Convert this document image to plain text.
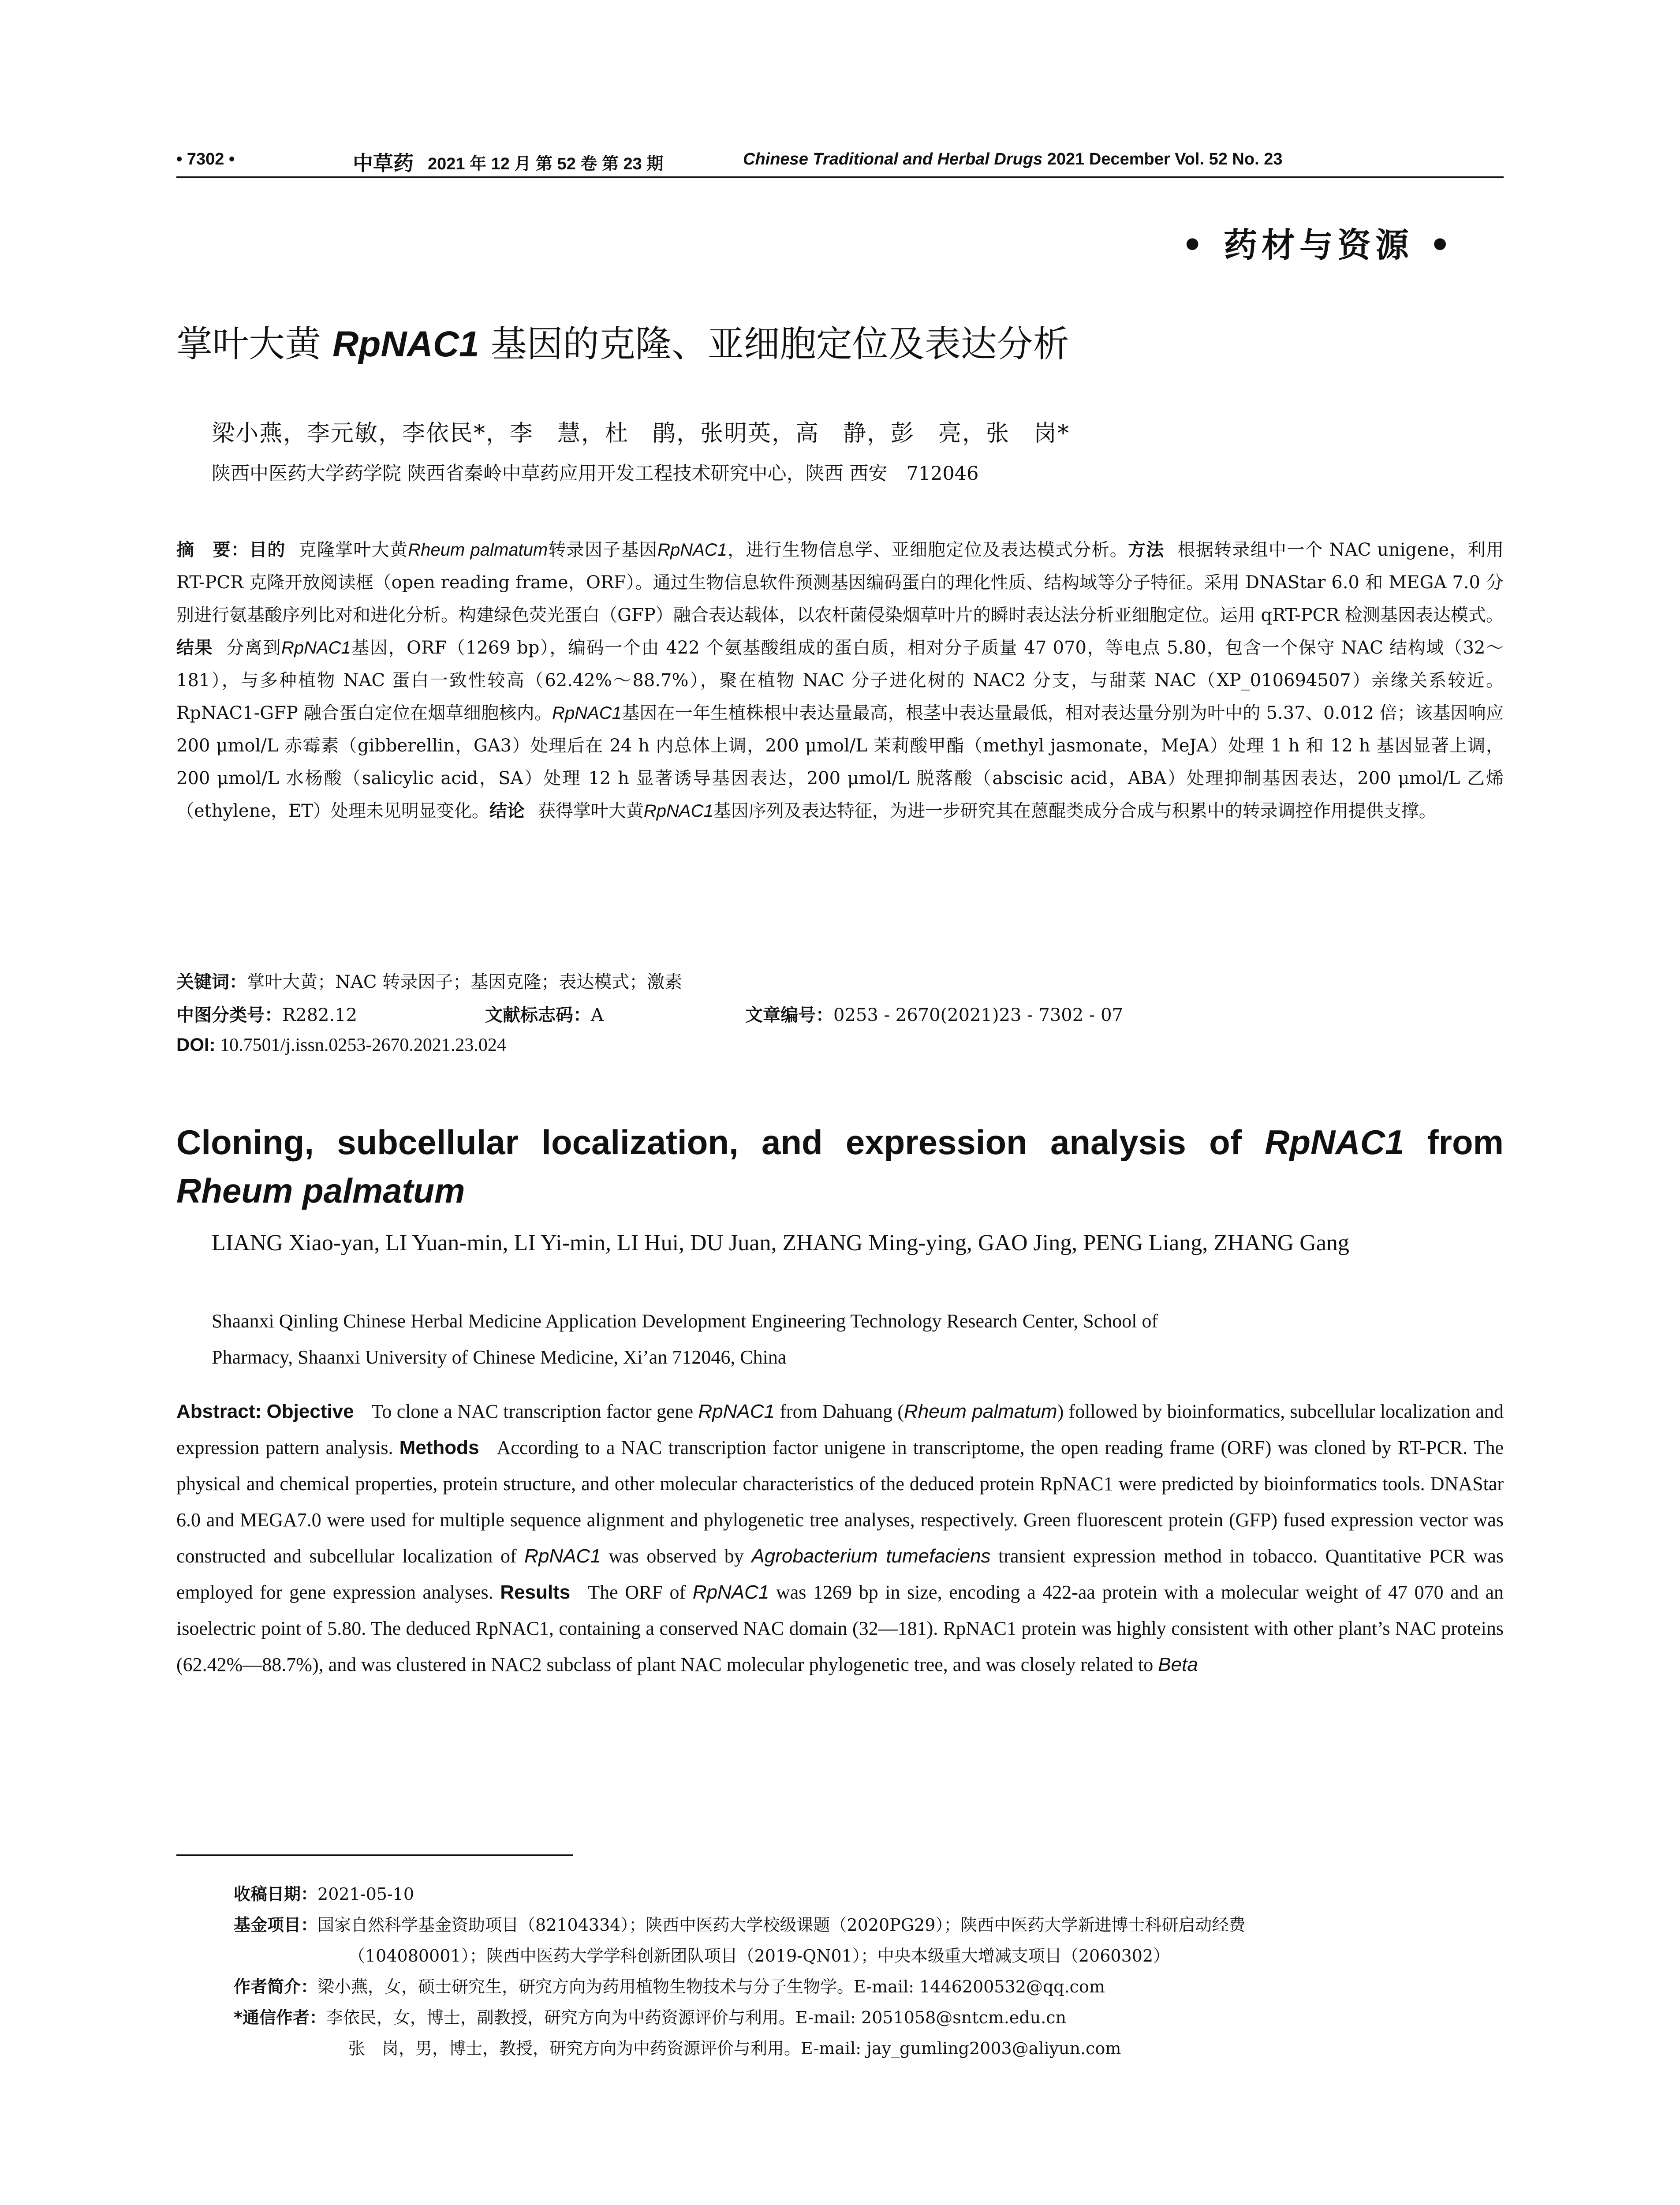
• 7302 •	中草药 2021 年 12 月 第 52 卷 第 23 期	Chinese Traditional and Herbal Drugs 2021 December Vol. 52 No. 23
• 药材与资源 •
掌叶大黄 RpNAC1 基因的克隆、亚细胞定位及表达分析
梁小燕，李元敏，李依民*，李　慧，杜　鹃，张明英，高　静，彭　亮，张　岗*
陕西中医药大学药学院 陕西省秦岭中草药应用开发工程技术研究中心，陕西 西安　712046
摘　要：目的 克隆掌叶大黄Rheum palmatum转录因子基因RpNAC1，进行生物信息学、亚细胞定位及表达模式分析。方法 根据转录组中一个 NAC unigene，利用 RT-PCR 克隆开放阅读框（open reading frame，ORF）。通过生物信息软件预测基因编码蛋白的理化性质、结构域等分子特征。采用 DNAStar 6.0 和 MEGA 7.0 分别进行氨基酸序列比对和进化分析。构建绿色荧光蛋白（GFP）融合表达载体，以农杆菌侵染烟草叶片的瞬时表达法分析亚细胞定位。运用 qRT-PCR 检测基因表达模式。结果 分离到RpNAC1基因，ORF（1269 bp），编码一个由 422 个氨基酸组成的蛋白质，相对分子质量 47 070，等电点 5.80，包含一个保守 NAC 结构域（32～181），与多种植物 NAC 蛋白一致性较高（62.42%～88.7%），聚在植物 NAC 分子进化树的 NAC2 分支，与甜菜 NAC（XP_010694507）亲缘关系较近。RpNAC1-GFP 融合蛋白定位在烟草细胞核内。RpNAC1基因在一年生植株根中表达量最高，根茎中表达量最低，相对表达量分别为叶中的 5.37、0.012 倍；该基因响应 200 μmol/L 赤霉素（gibberellin，GA3）处理后在 24 h 内总体上调，200 μmol/L 茉莉酸甲酯（methyl jasmonate，MeJA）处理 1 h 和 12 h 基因显著上调，200 μmol/L 水杨酸（salicylic acid，SA）处理 12 h 显著诱导基因表达，200 μmol/L 脱落酸（abscisic acid，ABA）处理抑制基因表达，200 μmol/L 乙烯（ethylene，ET）处理未见明显变化。结论 获得掌叶大黄RpNAC1基因序列及表达特征，为进一步研究其在蒽醌类成分合成与积累中的转录调控作用提供支撑。
关键词：掌叶大黄；NAC 转录因子；基因克隆；表达模式；激素
中图分类号：R282.12	文献标志码：A	文章编号：0253 - 2670(2021)23 - 7302 - 07
DOI: 10.7501/j.issn.0253-2670.2021.23.024
Cloning, subcellular localization, and expression analysis of RpNAC1 from Rheum palmatum
LIANG Xiao-yan, LI Yuan-min, LI Yi-min, LI Hui, DU Juan, ZHANG Ming-ying, GAO Jing, PENG Liang, ZHANG Gang
Shaanxi Qinling Chinese Herbal Medicine Application Development Engineering Technology Research Center, School of
Pharmacy, Shaanxi University of Chinese Medicine, Xi’an 712046, China
Abstract: Objective To clone a NAC transcription factor gene RpNAC1 from Dahuang (Rheum palmatum) followed by bioinformatics, subcellular localization and expression pattern analysis. Methods According to a NAC transcription factor unigene in transcriptome, the open reading frame (ORF) was cloned by RT-PCR. The physical and chemical properties, protein structure, and other molecular characteristics of the deduced protein RpNAC1 were predicted by bioinformatics tools. DNAStar 6.0 and MEGA7.0 were used for multiple sequence alignment and phylogenetic tree analyses, respectively. Green fluorescent protein (GFP) fused expression vector was constructed and subcellular localization of RpNAC1 was observed by Agrobacterium tumefaciens transient expression method in tobacco. Quantitative PCR was employed for gene expression analyses. Results The ORF of RpNAC1 was 1269 bp in size, encoding a 422-aa protein with a molecular weight of 47 070 and an isoelectric point of 5.80. The deduced RpNAC1, containing a conserved NAC domain (32—181). RpNAC1 protein was highly consistent with other plant’s NAC proteins (62.42%—88.7%), and was clustered in NAC2 subclass of plant NAC molecular phylogenetic tree, and was closely related to Beta
收稿日期：2021-05-10
基金项目：国家自然科学基金资助项目（82104334）；陕西中医药大学校级课题（2020PG29）；陕西中医药大学新进博士科研启动经费
（104080001）；陕西中医药大学学科创新团队项目（2019-QN01）；中央本级重大增减支项目（2060302）
作者简介：梁小燕，女，硕士研究生，研究方向为药用植物生物技术与分子生物学。E-mail: 1446200532@qq.com
*通信作者：李依民，女，博士，副教授，研究方向为中药资源评价与利用。E-mail: 2051058@sntcm.edu.cn
张　岗，男，博士，教授，研究方向为中药资源评价与利用。E-mail: jay_gumling2003@aliyun.com
